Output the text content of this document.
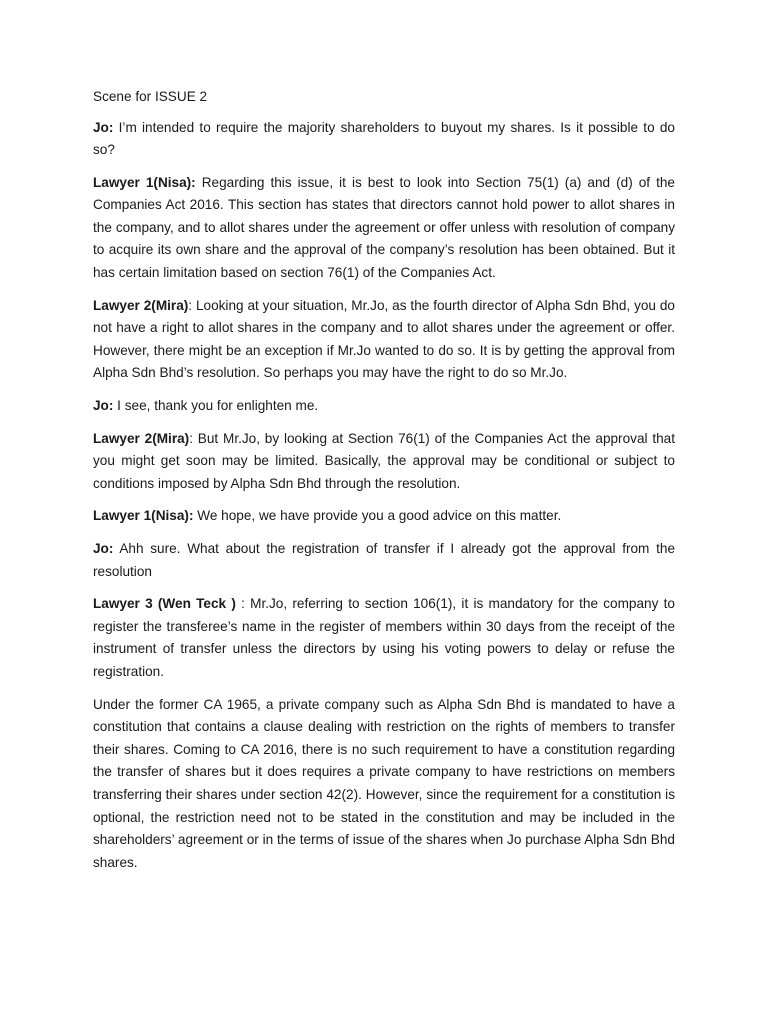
Scene for ISSUE 2

Jo: I’m intended to require the majority shareholders to buyout my shares. Is it possible to do so?

Lawyer 1(Nisa): Regarding this issue, it is best to look into Section 75(1) (a) and (d) of the Companies Act 2016. This section has states that directors cannot hold power to allot shares in the company, and to allot shares under the agreement or offer unless with resolution of company to acquire its own share and the approval of the company’s resolution has been obtained. But it has certain limitation based on section 76(1) of the Companies Act.

Lawyer 2(Mira): Looking at your situation, Mr.Jo, as the fourth director of Alpha Sdn Bhd, you do not have a right to allot shares in the company and to allot shares under the agreement or offer. However, there might be an exception if Mr.Jo wanted to do so. It is by getting the approval from Alpha Sdn Bhd’s resolution. So perhaps you may have the right to do so Mr.Jo.

Jo: I see, thank you for enlighten me.

Lawyer 2(Mira): But Mr.Jo, by looking at Section 76(1) of the Companies Act the approval that you might get soon may be limited. Basically, the approval may be conditional or subject to conditions imposed by Alpha Sdn Bhd through the resolution.

Lawyer 1(Nisa): We hope, we have provide you a good advice on this matter.

Jo: Ahh sure. What about the registration of transfer if I already got the approval from the resolution

Lawyer 3 (Wen Teck ) : Mr.Jo, referring to section 106(1), it is mandatory for the company to register the transferee’s name in the register of members within 30 days from the receipt of the instrument of transfer unless the directors by using his voting powers to delay or refuse the registration.

Under the former CA 1965, a private company such as Alpha Sdn Bhd is mandated to have a constitution that contains a clause dealing with restriction on the rights of members to transfer their shares. Coming to CA 2016, there is no such requirement to have a constitution regarding the transfer of shares but it does requires a private company to have restrictions on members transferring their shares under section 42(2). However, since the requirement for a constitution is optional, the restriction need not to be stated in the constitution and may be included in the shareholders’ agreement or in the terms of issue of the shares when Jo purchase Alpha Sdn Bhd shares.
